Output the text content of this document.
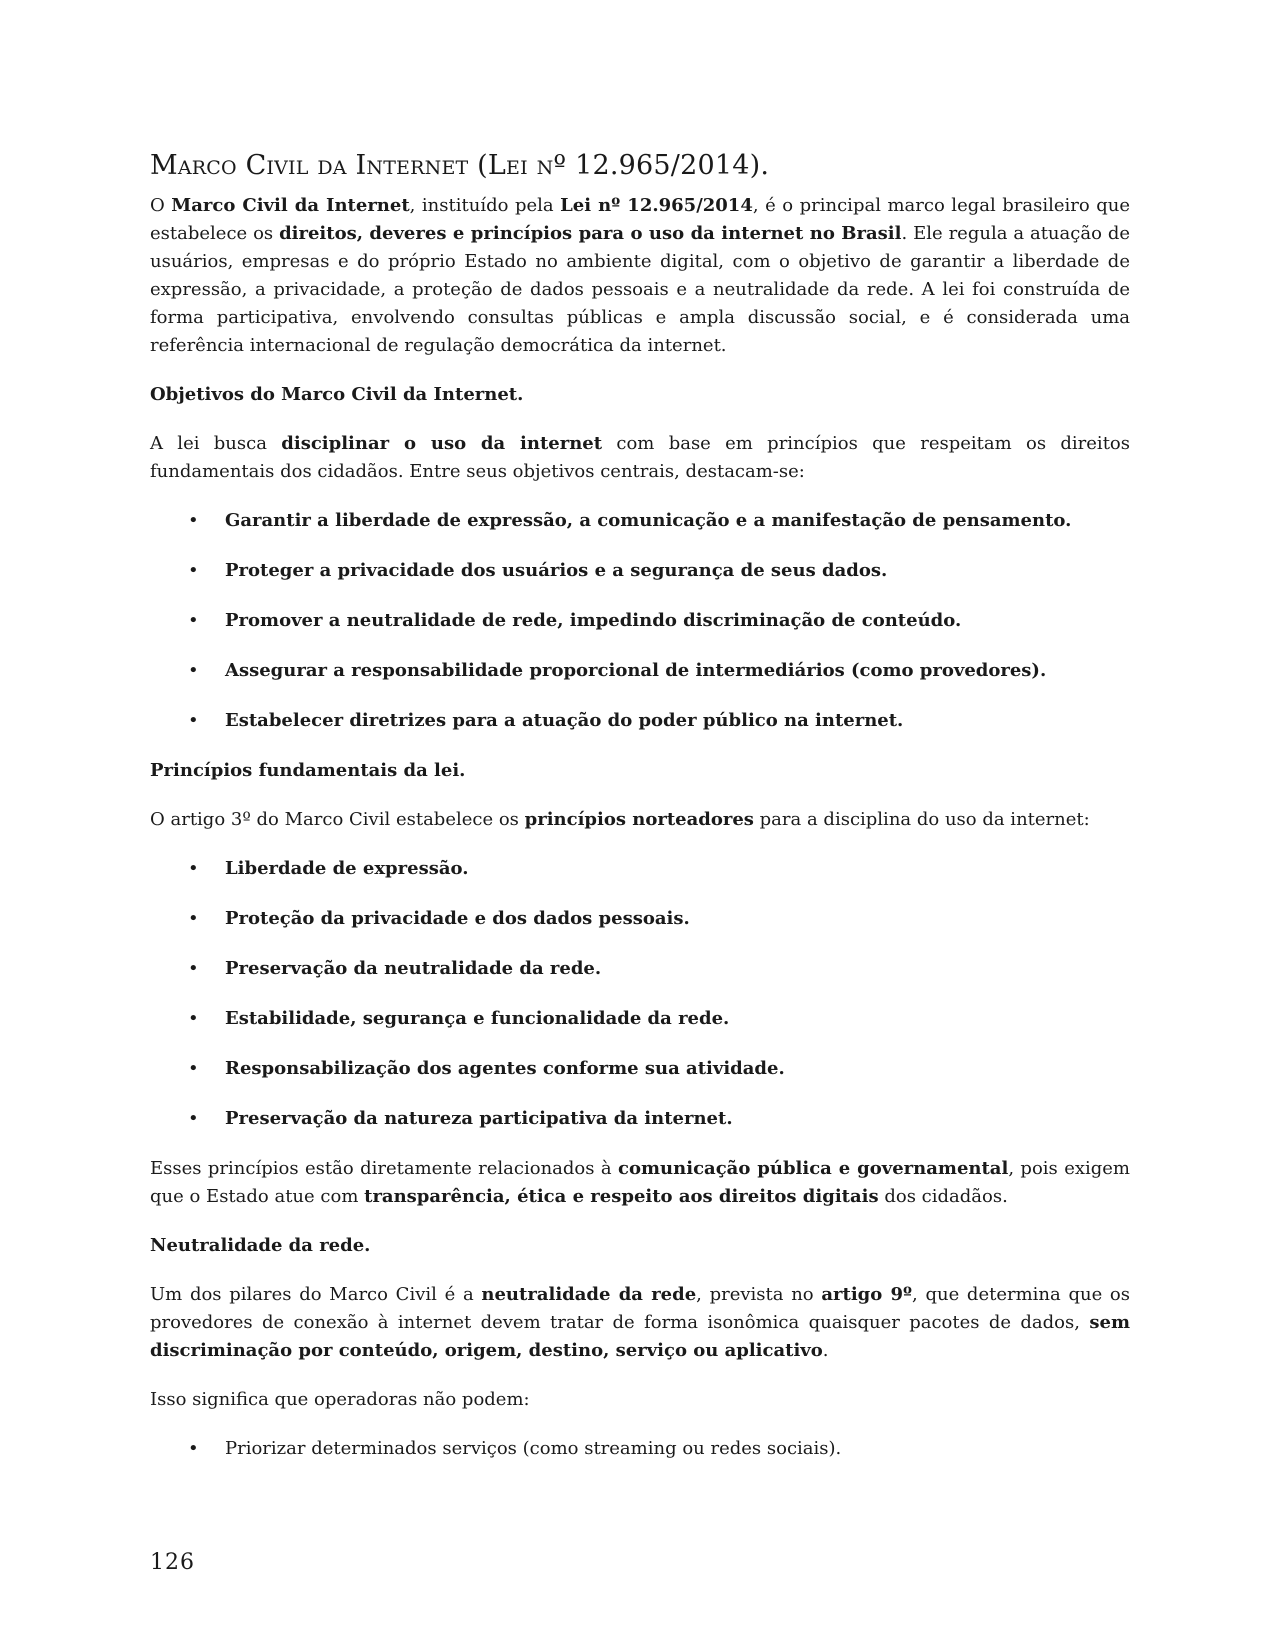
Marco Civil da Internet (Lei nº 12.965/2014).

O Marco Civil da Internet, instituído pela Lei nº 12.965/2014, é o principal marco legal brasileiro que estabelece os direitos, deveres e princípios para o uso da internet no Brasil. Ele regula a atuação de usuários, empresas e do próprio Estado no ambiente digital, com o objetivo de garantir a liberdade de expressão, a privacidade, a proteção de dados pessoais e a neutralidade da rede. A lei foi construída de forma participativa, envolvendo consultas públicas e ampla discussão social, e é considerada uma referência internacional de regulação democrática da internet.

Objetivos do Marco Civil da Internet.

A lei busca disciplinar o uso da internet com base em princípios que respeitam os direitos fundamentais dos cidadãos. Entre seus objetivos centrais, destacam-se:

• Garantir a liberdade de expressão, a comunicação e a manifestação de pensamento.
• Proteger a privacidade dos usuários e a segurança de seus dados.
• Promover a neutralidade de rede, impedindo discriminação de conteúdo.
• Assegurar a responsabilidade proporcional de intermediários (como provedores).
• Estabelecer diretrizes para a atuação do poder público na internet.
Princípios fundamentais da lei.

O artigo 3º do Marco Civil estabelece os princípios norteadores para a disciplina do uso da internet:

• Liberdade de expressão.
• Proteção da privacidade e dos dados pessoais.
• Preservação da neutralidade da rede.
• Estabilidade, segurança e funcionalidade da rede.
• Responsabilização dos agentes conforme sua atividade.
• Preservação da natureza participativa da internet.

Esses princípios estão diretamente relacionados à comunicação pública e governamental, pois exigem que o Estado atue com transparência, ética e respeito aos direitos digitais dos cidadãos.

Neutralidade da rede.

Um dos pilares do Marco Civil é a neutralidade da rede, prevista no artigo 9º, que determina que os provedores de conexão à internet devem tratar de forma isonômica quaisquer pacotes de dados, sem discriminação por conteúdo, origem, destino, serviço ou aplicativo.

Isso significa que operadoras não podem:

• Priorizar determinados serviços (como streaming ou redes sociais).
126
